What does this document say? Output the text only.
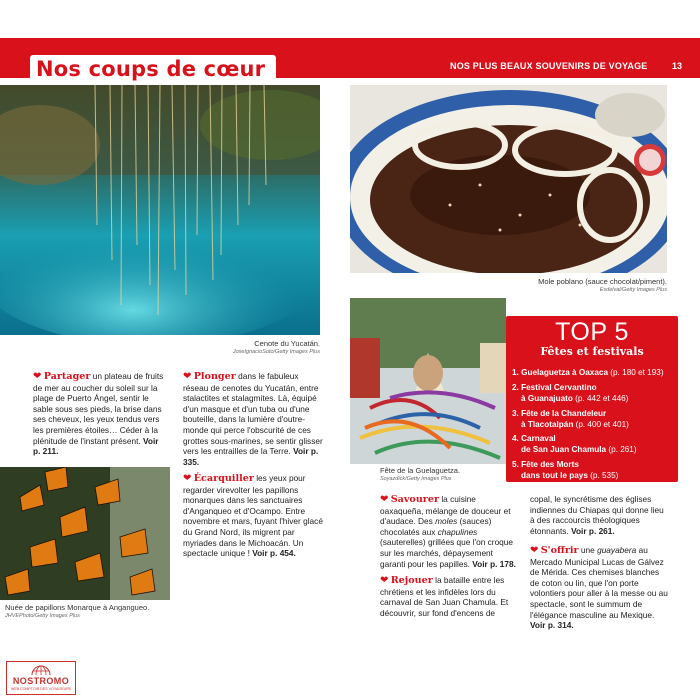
Nos coups de cœur	NOS PLUS BEAUX SOUVENIRS DE VOYAGE	13
Cenote du Yucatán.
JoseIgnacioSoto/Getty Images Plus
Mole poblano (sauce chocolat/piment).
Esdelval/Getty Images Plus
Fête de la Guelaguetza.
Soyazdick/Getty Images Plus
Nuée de papillons Monarque à Angangueo.
JHVEPhoto/Getty Images Plus
❤ Partager un plateau de fruits de mer au coucher du soleil sur la plage de Puerto Ángel, sentir le sable sous ses pieds, la brise dans ses cheveux, les yeux tendus vers les premières étoiles… Céder à la plénitude de l'instant présent. Voir p. 211.
❤ Plonger dans le fabuleux réseau de cenotes du Yucatán, entre stalactites et stalagmites. Là, équipé d'un masque et d'un tuba ou d'une bouteille, dans la lumière d'outre-monde qui perce l'obscurité de ces grottes sous-marines, se sentir glisser vers les entrailles de la Terre. Voir p. 335.
❤ Écarquiller les yeux pour regarder virevolter les papillons monarques dans les sanctuaires d'Anganqueo et d'Ocampo. Entre novembre et mars, fuyant l'hiver glacé du Grand Nord, ils migrent par myriades dans le Michoacán. Un spectacle unique ! Voir p. 454.
❤ Savourer la cuisine oaxaqueña, mélange de douceur et d'audace. Des moles (sauces) chocolatés aux chapulines (sauterelles) grillées que l'on croque sur les marchés, dépaysement garanti pour les papilles. Voir p. 178.
❤ Rejouer la bataille entre les chrétiens et les infidèles lors du carnaval de San Juan Chamula. Et découvrir, sur fond d'encens de
copal, le syncrétisme des églises indiennes du Chiapas qui donne lieu à des raccourcis théologiques étonnants. Voir p. 261.
❤ S'offrir une guayabera au Mercado Municipal Lucas de Gálvez de Mérida. Ces chemises blanches de coton ou lin, que l'on porte volontiers pour aller à la messe ou au spectacle, sont le summum de l'élégance masculine au Mexique. Voir p. 314.
TOP 5
Fêtes et festivals
1. Guelaguetza à Oaxaca (p. 180 et 193)
2. Festival Cervantino
à Guanajuato (p. 442 et 446)
3. Fête de la Chandeleur
à Tlacotalpán (p. 400 et 401)
4. Carnaval
de San Juan Chamula (p. 261)
5. Fête des Morts
dans tout le pays (p. 535)
NOSTROMO
WEB COMPTOIR DES VOYAGEURS
